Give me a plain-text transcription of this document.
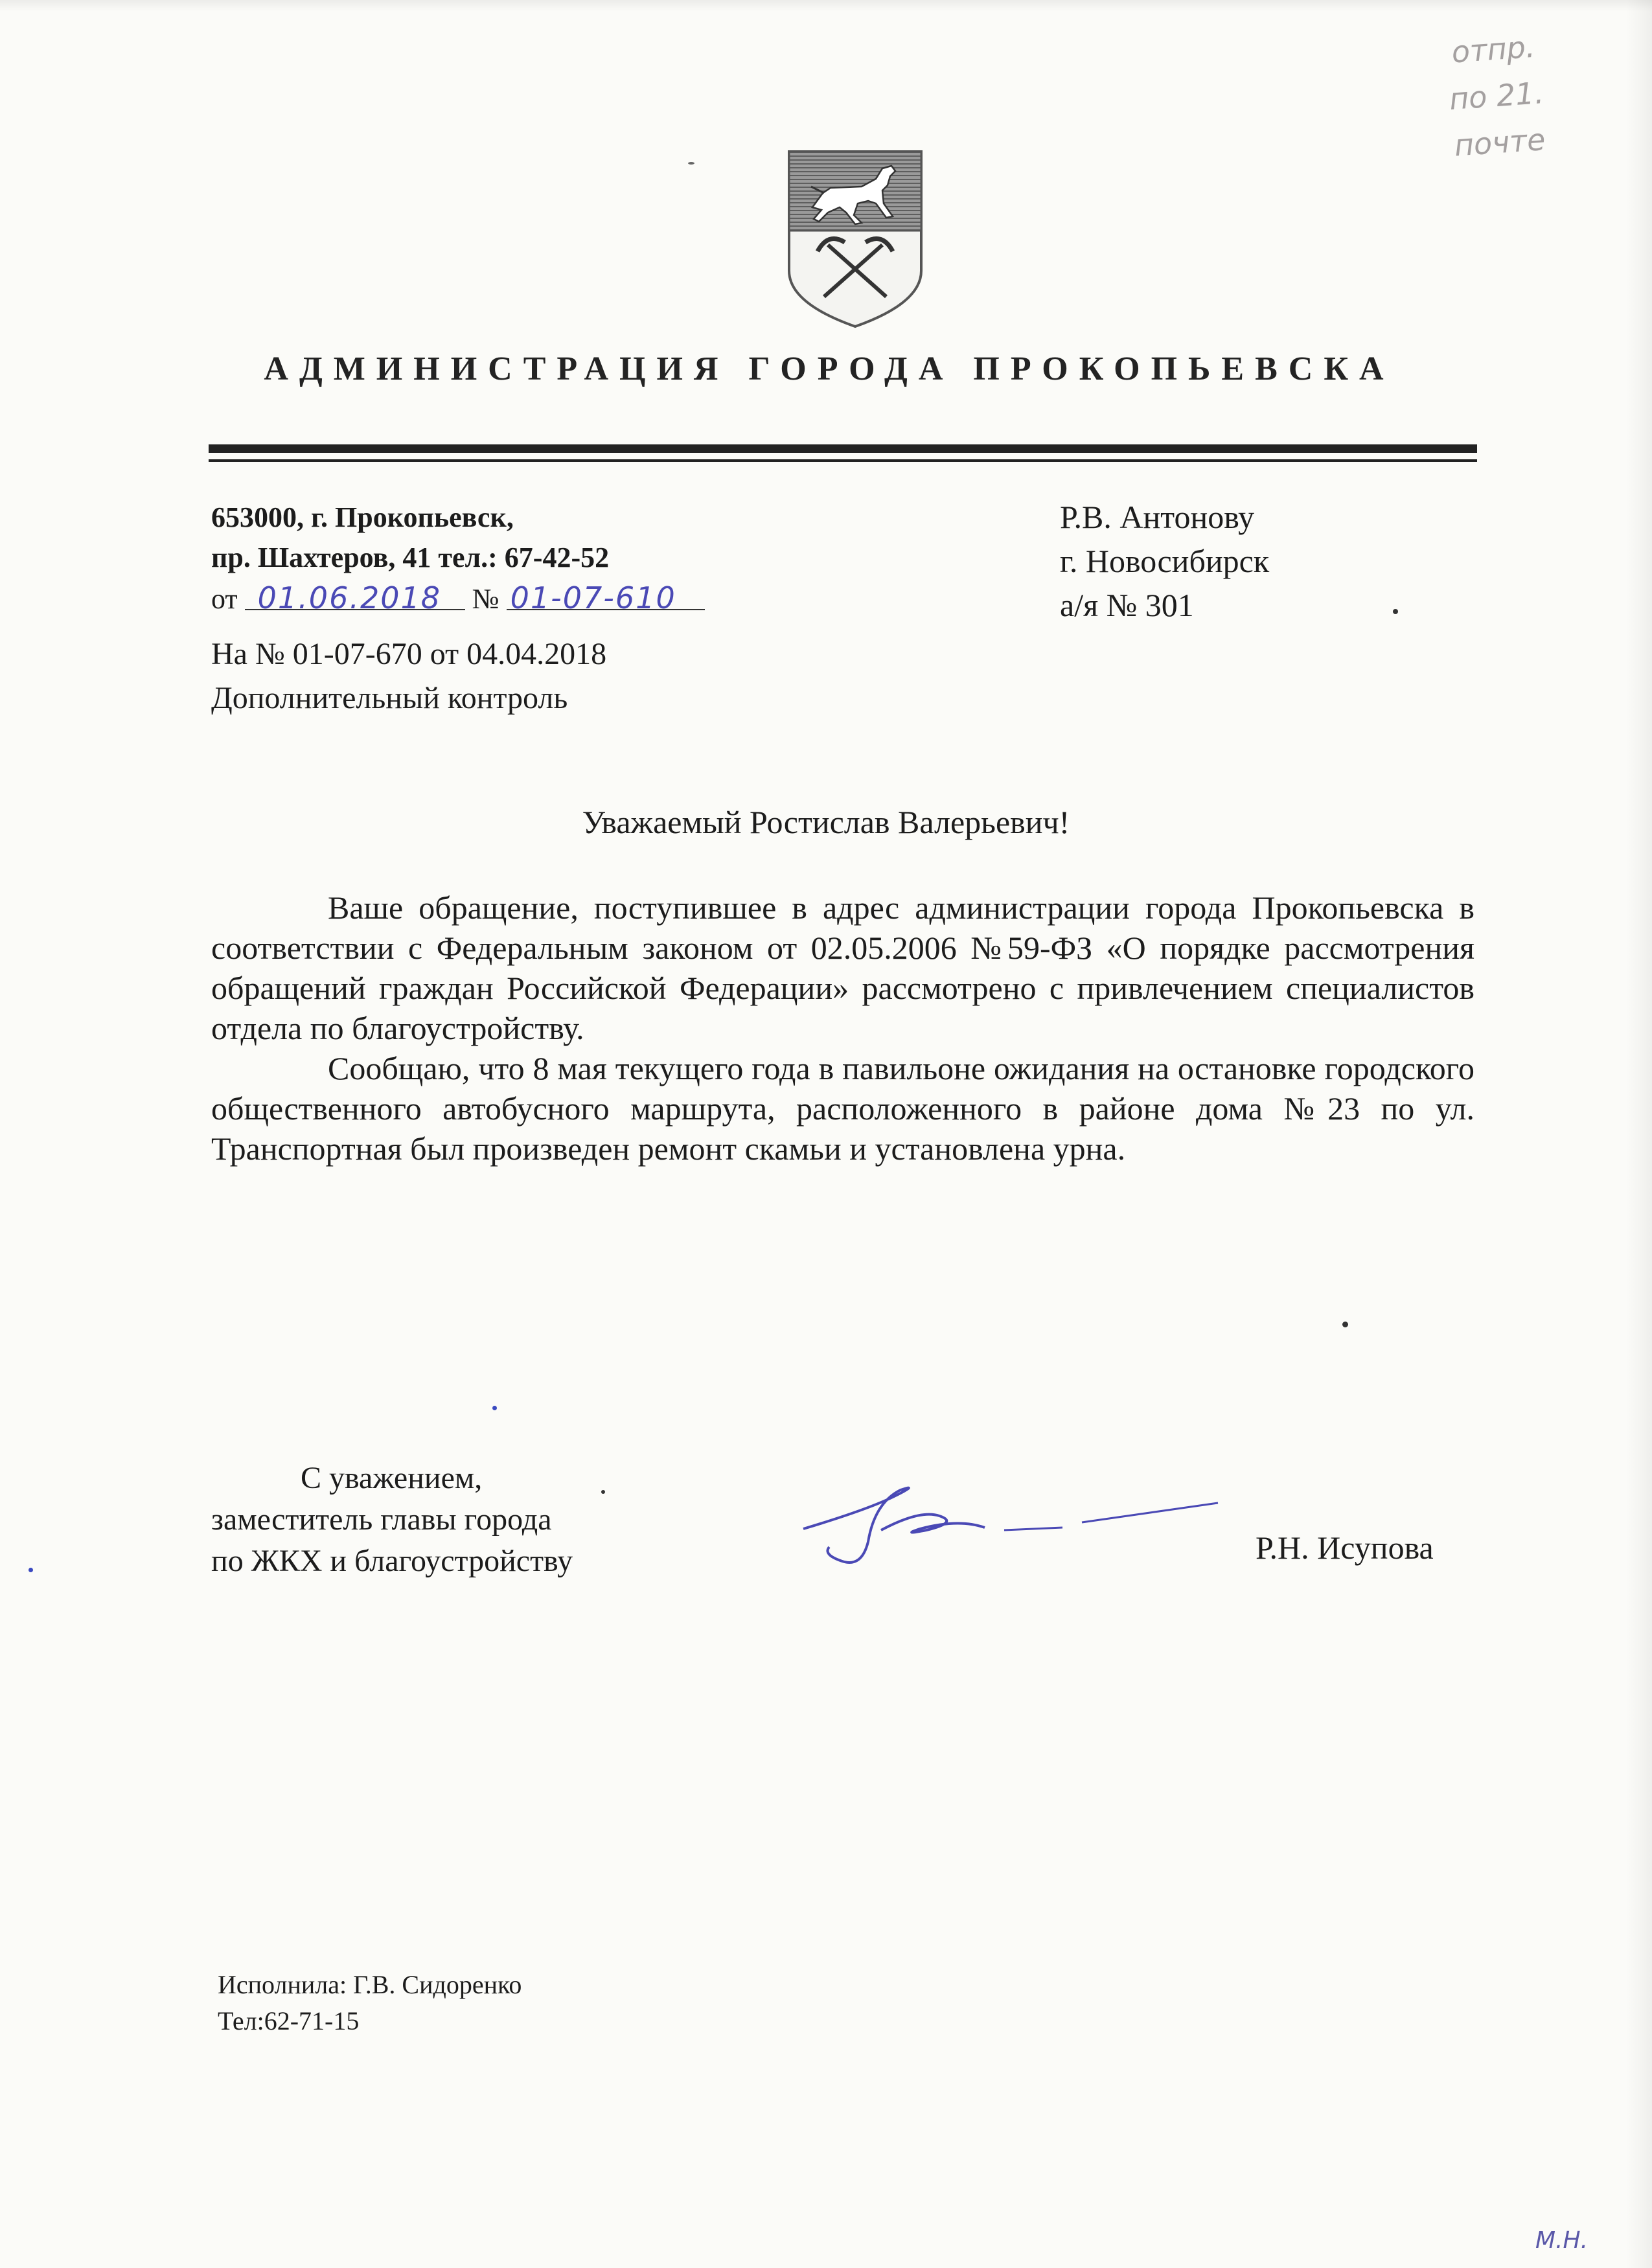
отпр.
по 21.
почте
АДМИНИСТРАЦИЯ ГОРОДА ПРОКОПЬЕВСКА
653000, г. Прокопьевск,
пр. Шахтеров, 41 тел.: 67-42-52
от 01.06.2018 № 01-07-610
На № 01-07-670 от 04.04.2018
Дополнительный контроль
Р.В. Антонову
г. Новосибирск
а/я № 301
Уважаемый Ростислав Валерьевич!

Ваше обращение, поступившее в адрес администрации города Прокопьевска в соответствии с Федеральным законом от 02.05.2006 №59-ФЗ «О порядке рассмотрения обращений граждан Российской Федерации» рассмотрено с привлечением специалистов отдела по благоустройству.

Сообщаю, что 8 мая текущего года в павильоне ожидания на остановке городского общественного автобусного маршрута, расположенного в районе дома №23 по ул. Транспортная был произведен ремонт скамьи и установлена урна.

С уважением,
заместитель главы города
по ЖКХ и благоустройству	Р.Н. Исупова
Исполнила: Г.В. Сидоренко
Тел:62-71-15
М.Н.
